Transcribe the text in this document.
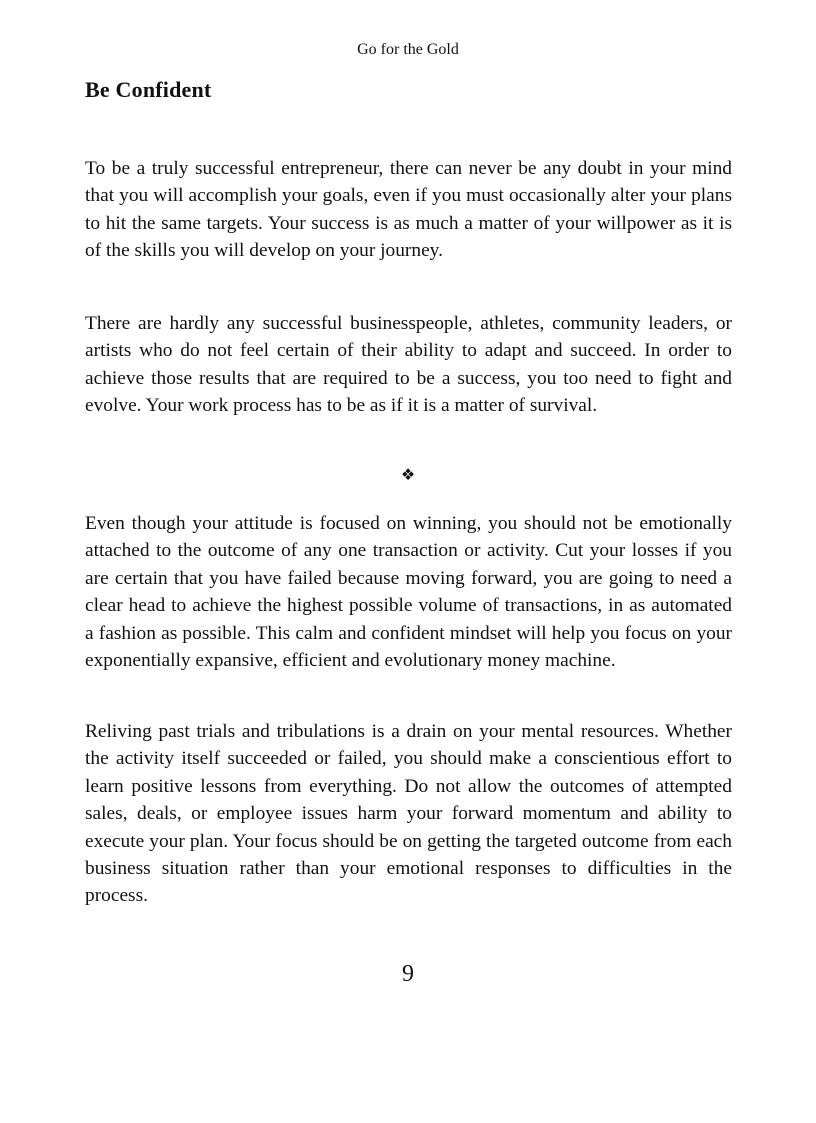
Go for the Gold
Be Confident

To be a truly successful entrepreneur, there can never be any doubt in your mind that you will accomplish your goals, even if you must occasionally alter your plans to hit the same targets. Your success is as much a matter of your willpower as it is of the skills you will develop on your journey.

There are hardly any successful businesspeople, athletes, community leaders, or artists who do not feel certain of their ability to adapt and succeed. In order to achieve those results that are required to be a success, you too need to fight and evolve. Your work process has to be as if it is a matter of survival.

❖

Even though your attitude is focused on winning, you should not be emotionally attached to the outcome of any one transaction or activity. Cut your losses if you are certain that you have failed because moving forward, you are going to need a clear head to achieve the highest possible volume of transactions, in as automated a fashion as possible. This calm and confident mindset will help you focus on your exponentially expansive, efficient and evolutionary money machine.

Reliving past trials and tribulations is a drain on your mental resources. Whether the activity itself succeeded or failed, you should make a conscientious effort to learn positive lessons from everything. Do not allow the outcomes of attempted sales, deals, or employee issues harm your forward momentum and ability to execute your plan. Your focus should be on getting the targeted outcome from each business situation rather than your emotional responses to difficulties in the process.

9
